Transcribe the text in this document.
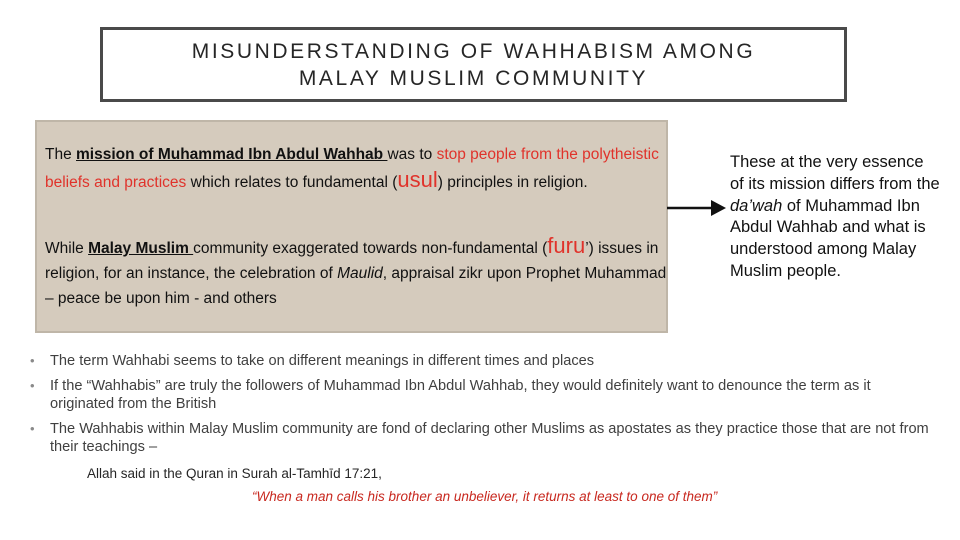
MISUNDERSTANDING OF WAHHABISM AMONG
MALAY MUSLIM COMMUNITY
The mission of Muhammad Ibn Abdul Wahhab was to stop people from the polytheistic beliefs and practices which relates to fundamental (usul) principles in religion.
While Malay Muslim community exaggerated towards non-fundamental (furu’) issues in religion, for an instance, the celebration of Maulid, appraisal zikr upon Prophet Muhammad – peace be upon him - and others
These at the very essence of its mission differs from the da’wah of Muhammad Ibn Abdul Wahhab and what is understood among Malay Muslim people.
• The term Wahhabi seems to take on different meanings in different times and places
• If the “Wahhabis” are truly the followers of Muhammad Ibn Abdul Wahhab, they would definitely want to denounce the term as it originated from the British
• The Wahhabis within Malay Muslim community are fond of declaring other Muslims as apostates as they practice those that are not from their teachings –
Allah said in the Quran in Surah al-Tamhīd 17:21,
“When a man calls his brother an unbeliever, it returns at least to one of them”
